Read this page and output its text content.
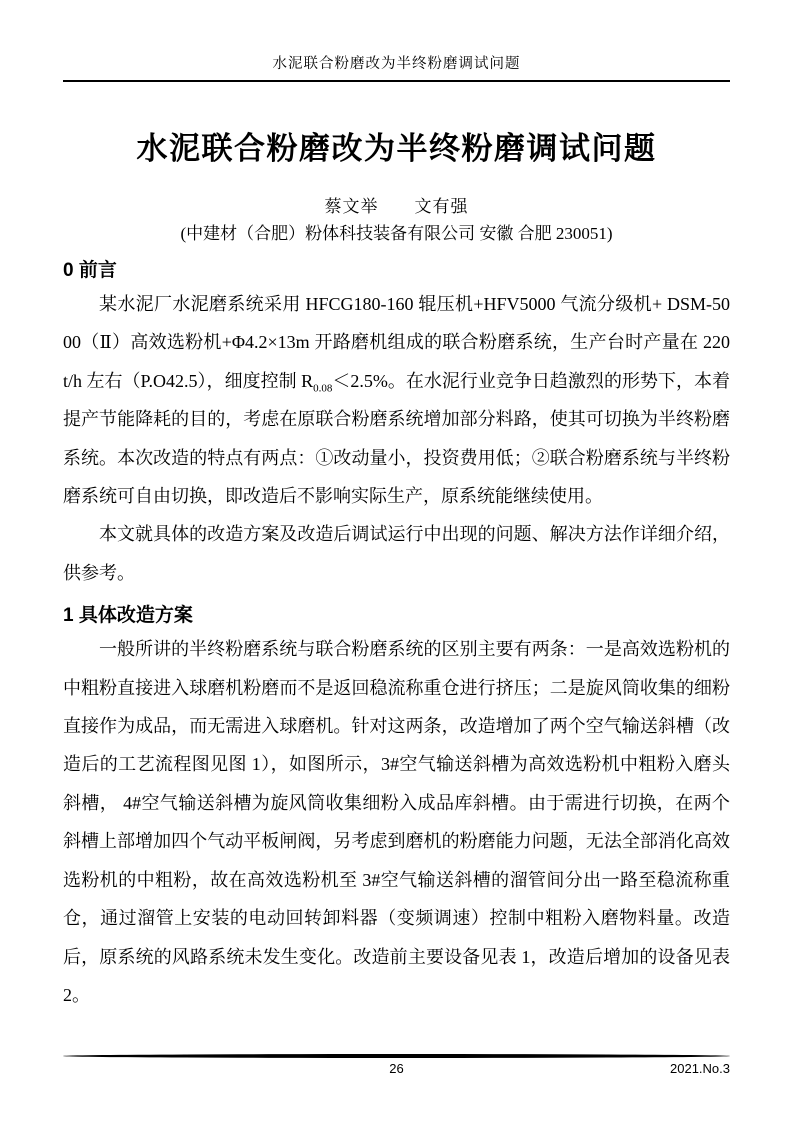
水泥联合粉磨改为半终粉磨调试问题
水泥联合粉磨改为半终粉磨调试问题
蔡文举　　文有强
(中建材（合肥）粉体科技装备有限公司 安徽 合肥 230051)
0 前言

某水泥厂水泥磨系统采用 HFCG180-160 辊压机+HFV5000 气流分级机+ DSM-5000（Ⅱ）高效选粉机+Φ4.2×13m 开路磨机组成的联合粉磨系统，生产台时产量在 220t/h 左右（P.O42.5），细度控制 $R_{0.08}<2.5\%$。在水泥行业竞争日趋激烈的形势下，本着提产节能降耗的目的，考虑在原联合粉磨系统增加部分料路，使其可切换为半终粉磨系统。本次改造的特点有两点：①改动量小，投资费用低；②联合粉磨系统与半终粉磨系统可自由切换，即改造后不影响实际生产，原系统能继续使用。

本文就具体的改造方案及改造后调试运行中出现的问题、解决方法作详细介绍，供参考。

1 具体改造方案

一般所讲的半终粉磨系统与联合粉磨系统的区别主要有两条：一是高效选粉机的中粗粉直接进入球磨机粉磨而不是返回稳流称重仓进行挤压；二是旋风筒收集的细粉直接作为成品，而无需进入球磨机。针对这两条，改造增加了两个空气输送斜槽（改造后的工艺流程图见图 1），如图所示，3#空气输送斜槽为高效选粉机中粗粉入磨头斜槽， 4#空气输送斜槽为旋风筒收集细粉入成品库斜槽。由于需进行切换，在两个斜槽上部增加四个气动平板闸阀，另考虑到磨机的粉磨能力问题，无法全部消化高效选粉机的中粗粉，故在高效选粉机至 3#空气输送斜槽的溜管间分出一路至稳流称重仓，通过溜管上安装的电动回转卸料器（变频调速）控制中粗粉入磨物料量。改造后，原系统的风路系统未发生变化。改造前主要设备见表 1，改造后增加的设备见表 2。

26	2021.No.3
